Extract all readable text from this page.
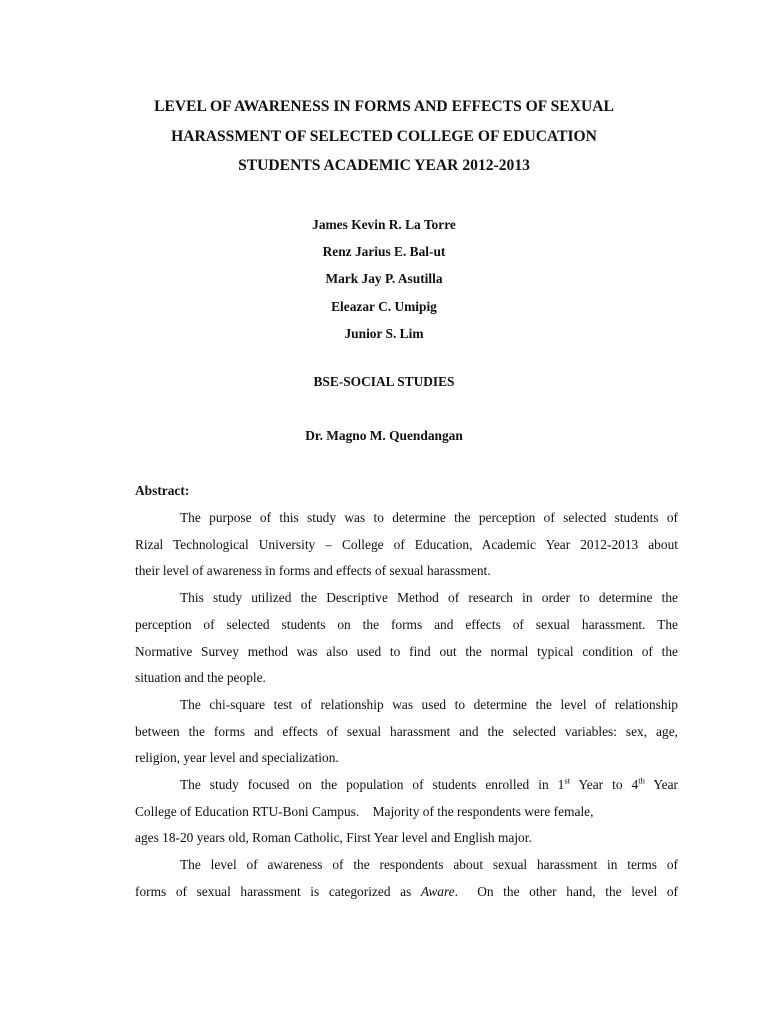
LEVEL OF AWARENESS IN FORMS AND EFFECTS OF SEXUAL
HARASSMENT OF SELECTED COLLEGE OF EDUCATION
STUDENTS ACADEMIC YEAR 2012-2013
James Kevin R. La Torre
Renz Jarius E. Bal-ut
Mark Jay P. Asutilla
Eleazar C. Umipig
Junior S. Lim
BSE-SOCIAL STUDIES
Dr. Magno M. Quendangan
Abstract:
The purpose of this study was to determine the perception of selected students of
Rizal Technological University – College of Education, Academic Year 2012-2013 about
their level of awareness in forms and effects of sexual harassment.
This study utilized the Descriptive Method of research in order to determine the
perception of selected students on the forms and effects of sexual harassment. The
Normative Survey method was also used to find out the normal typical condition of the
situation and the people.
The chi-square test of relationship was used to determine the level of relationship
between the forms and effects of sexual harassment and the selected variables: sex, age,
religion, year level and specialization.
The study focused on the population of students enrolled in 1st Year to 4th Year
College of Education RTU-Boni Campus.    Majority of the respondents were female,
ages 18-20 years old, Roman Catholic, First Year level and English major.
The level of awareness of the respondents about sexual harassment in terms of
forms of sexual harassment is categorized as Aware.  On the other hand, the level of
